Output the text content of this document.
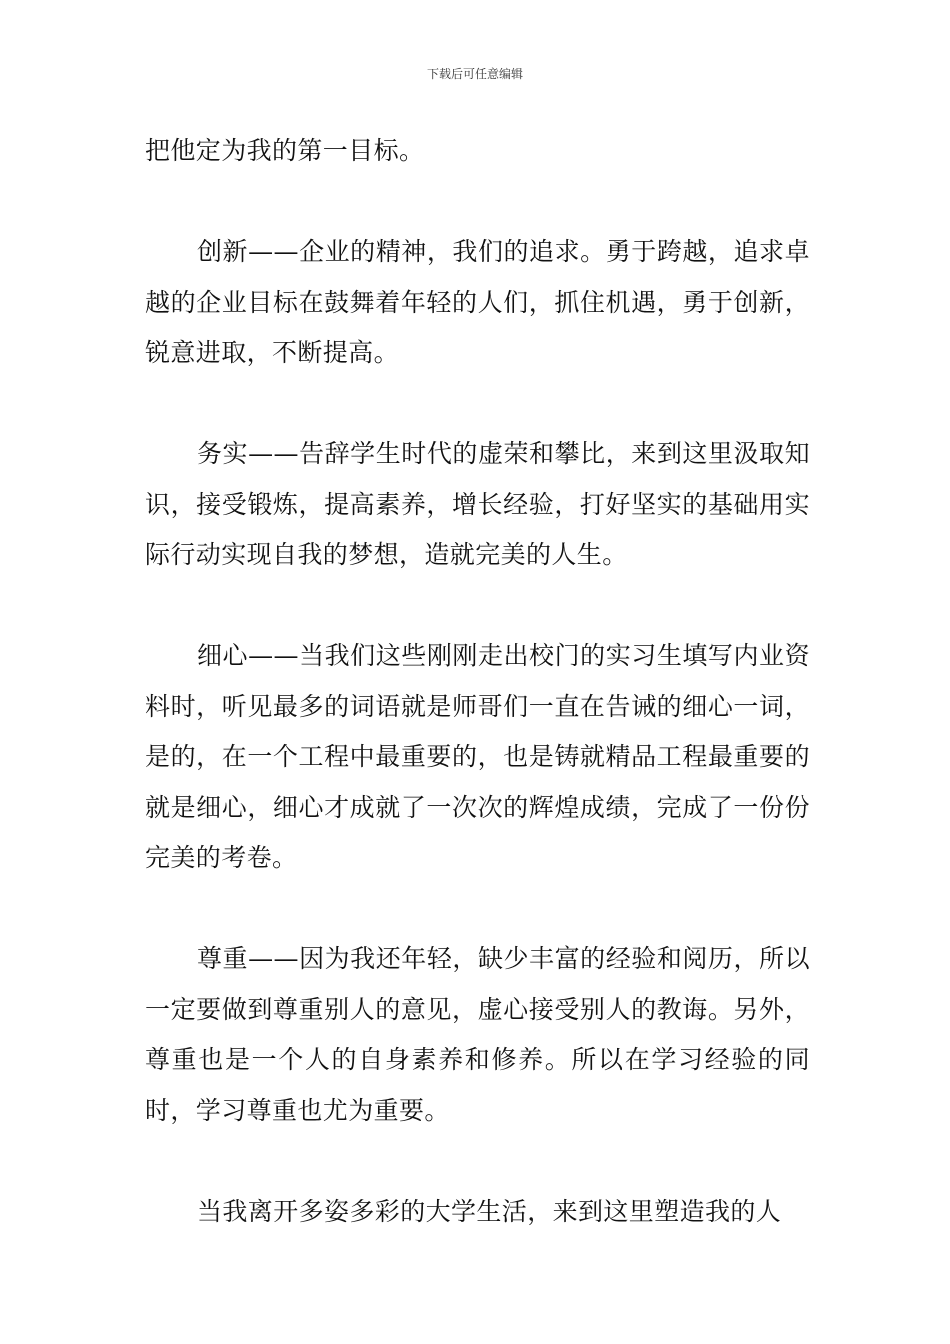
下载后可任意编辑

把他定为我的第一目标。

创新——企业的精神，我们的追求。勇于跨越，追求卓越的企业目标在鼓舞着年轻的人们，抓住机遇，勇于创新，锐意进取，不断提高。

务实——告辞学生时代的虚荣和攀比，来到这里汲取知识，接受锻炼，提高素养，增长经验，打好坚实的基础用实际行动实现自我的梦想，造就完美的人生。

细心——当我们这些刚刚走出校门的实习生填写内业资料时，听见最多的词语就是师哥们一直在告诫的细心一词，是的，在一个工程中最重要的，也是铸就精品工程最重要的就是细心，细心才成就了一次次的辉煌成绩，完成了一份份完美的考卷。

尊重——因为我还年轻，缺少丰富的经验和阅历，所以一定要做到尊重别人的意见，虚心接受别人的教诲。另外，尊重也是一个人的自身素养和修养。所以在学习经验的同时，学习尊重也尤为重要。

当我离开多姿多彩的大学生活，来到这里塑造我的人
